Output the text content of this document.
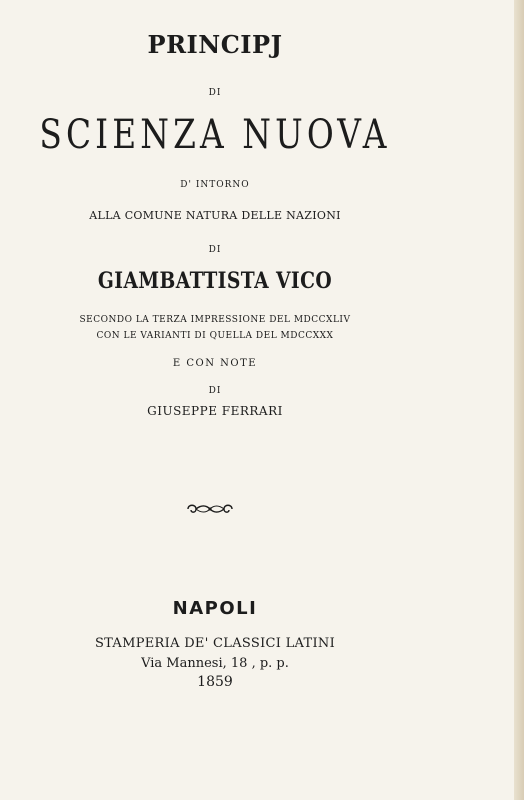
PRINCIPJ
DI
SCIENZA NUOVA
D' INTORNO
ALLA COMUNE NATURA DELLE NAZIONI
DI
GIAMBATTISTA VICO
SECONDO LA TERZA IMPRESSIONE DEL MDCCXLIV
CON LE VARIANTI DI QUELLA DEL MDCCXXX
E CON NOTE
DI
GIUSEPPE FERRARI
NAPOLI
STAMPERIA DE' CLASSICI LATINI
Via Mannesi, 18 , p. p.
1859
